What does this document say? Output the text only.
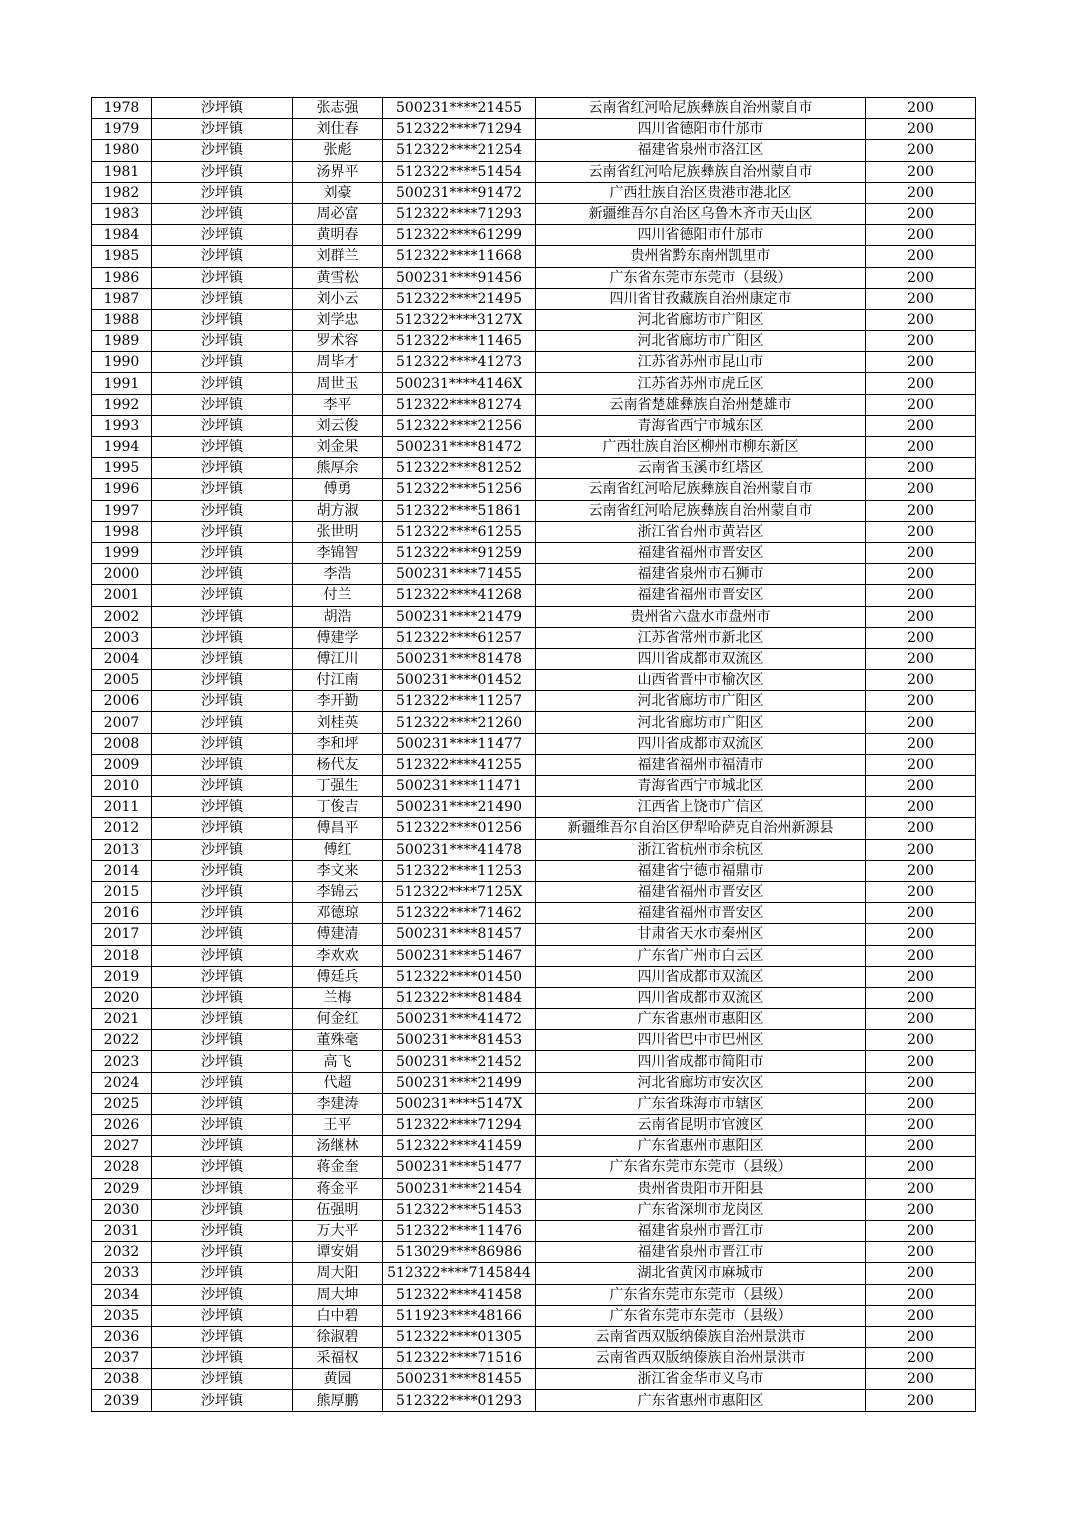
1978	沙坪镇	张志强	500231****21455	云南省红河哈尼族彝族自治州蒙自市	200
1979	沙坪镇	刘仕春	512322****71294	四川省德阳市什邡市	200
1980	沙坪镇	张彪	512322****21254	福建省泉州市洛江区	200
1981	沙坪镇	汤界平	512322****51454	云南省红河哈尼族彝族自治州蒙自市	200
1982	沙坪镇	刘豪	500231****91472	广西壮族自治区贵港市港北区	200
1983	沙坪镇	周必富	512322****71293	新疆维吾尔自治区乌鲁木齐市天山区	200
1984	沙坪镇	黄明春	512322****61299	四川省德阳市什邡市	200
1985	沙坪镇	刘群兰	512322****11668	贵州省黔东南州凯里市	200
1986	沙坪镇	黄雪松	500231****91456	广东省东莞市东莞市（县级）	200
1987	沙坪镇	刘小云	512322****21495	四川省甘孜藏族自治州康定市	200
1988	沙坪镇	刘学忠	512322****3127X	河北省廊坊市广阳区	200
1989	沙坪镇	罗术容	512322****11465	河北省廊坊市广阳区	200
1990	沙坪镇	周毕才	512322****41273	江苏省苏州市昆山市	200
1991	沙坪镇	周世玉	500231****4146X	江苏省苏州市虎丘区	200
1992	沙坪镇	李平	512322****81274	云南省楚雄彝族自治州楚雄市	200
1993	沙坪镇	刘云俊	512322****21256	青海省西宁市城东区	200
1994	沙坪镇	刘金果	500231****81472	广西壮族自治区柳州市柳东新区	200
1995	沙坪镇	熊厚余	512322****81252	云南省玉溪市红塔区	200
1996	沙坪镇	傅勇	512322****51256	云南省红河哈尼族彝族自治州蒙自市	200
1997	沙坪镇	胡方淑	512322****51861	云南省红河哈尼族彝族自治州蒙自市	200
1998	沙坪镇	张世明	512322****61255	浙江省台州市黄岩区	200
1999	沙坪镇	李锦智	512322****91259	福建省福州市晋安区	200
2000	沙坪镇	李浩	500231****71455	福建省泉州市石狮市	200
2001	沙坪镇	付兰	512322****41268	福建省福州市晋安区	200
2002	沙坪镇	胡浩	500231****21479	贵州省六盘水市盘州市	200
2003	沙坪镇	傅建学	512322****61257	江苏省常州市新北区	200
2004	沙坪镇	傅江川	500231****81478	四川省成都市双流区	200
2005	沙坪镇	付江南	500231****01452	山西省晋中市榆次区	200
2006	沙坪镇	李开勤	512322****11257	河北省廊坊市广阳区	200
2007	沙坪镇	刘桂英	512322****21260	河北省廊坊市广阳区	200
2008	沙坪镇	李和坪	500231****11477	四川省成都市双流区	200
2009	沙坪镇	杨代友	512322****41255	福建省福州市福清市	200
2010	沙坪镇	丁强生	500231****11471	青海省西宁市城北区	200
2011	沙坪镇	丁俊吉	500231****21490	江西省上饶市广信区	200
2012	沙坪镇	傅昌平	512322****01256	新疆维吾尔自治区伊犁哈萨克自治州新源县	200
2013	沙坪镇	傅红	500231****41478	浙江省杭州市余杭区	200
2014	沙坪镇	李文来	512322****11253	福建省宁德市福鼎市	200
2015	沙坪镇	李锦云	512322****7125X	福建省福州市晋安区	200
2016	沙坪镇	邓德琼	512322****71462	福建省福州市晋安区	200
2017	沙坪镇	傅建清	500231****81457	甘肃省天水市秦州区	200
2018	沙坪镇	李欢欢	500231****51467	广东省广州市白云区	200
2019	沙坪镇	傅廷兵	512322****01450	四川省成都市双流区	200
2020	沙坪镇	兰梅	512322****81484	四川省成都市双流区	200
2021	沙坪镇	何金红	500231****41472	广东省惠州市惠阳区	200
2022	沙坪镇	董殊毫	500231****81453	四川省巴中市巴州区	200
2023	沙坪镇	高飞	500231****21452	四川省成都市简阳市	200
2024	沙坪镇	代超	500231****21499	河北省廊坊市安次区	200
2025	沙坪镇	李建涛	500231****5147X	广东省珠海市市辖区	200
2026	沙坪镇	王平	512322****71294	云南省昆明市官渡区	200
2027	沙坪镇	汤继林	512322****41459	广东省惠州市惠阳区	200
2028	沙坪镇	蒋金奎	500231****51477	广东省东莞市东莞市（县级）	200
2029	沙坪镇	蒋金平	500231****21454	贵州省贵阳市开阳县	200
2030	沙坪镇	伍强明	512322****51453	广东省深圳市龙岗区	200
2031	沙坪镇	万大平	512322****11476	福建省泉州市晋江市	200
2032	沙坪镇	谭安娟	513029****86986	福建省泉州市晋江市	200
2033	沙坪镇	周大阳	512322****7145844	湖北省黄冈市麻城市	200
2034	沙坪镇	周大坤	512322****41458	广东省东莞市东莞市（县级）	200
2035	沙坪镇	白中碧	511923****48166	广东省东莞市东莞市（县级）	200
2036	沙坪镇	徐淑碧	512322****01305	云南省西双版纳傣族自治州景洪市	200
2037	沙坪镇	采福权	512322****71516	云南省西双版纳傣族自治州景洪市	200
2038	沙坪镇	黄园	500231****81455	浙江省金华市义乌市	200
2039	沙坪镇	熊厚鹏	512322****01293	广东省惠州市惠阳区	200
